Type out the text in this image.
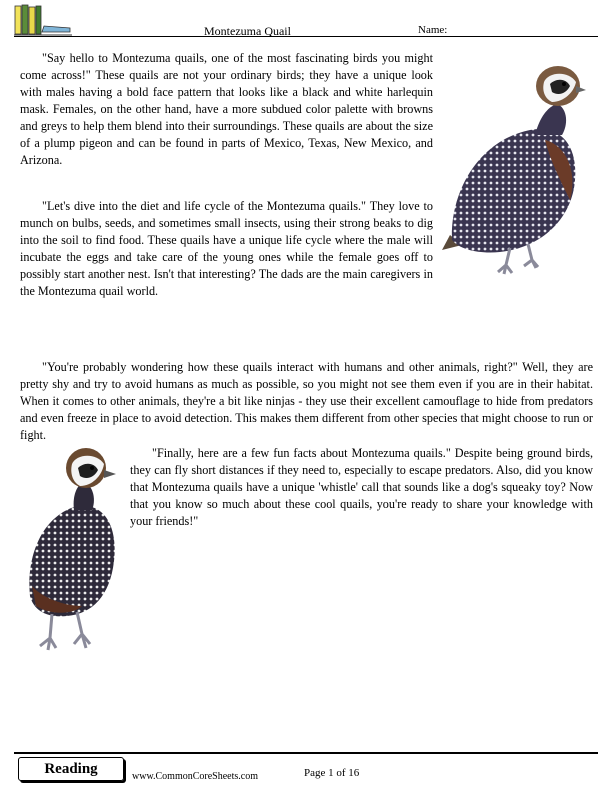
Montezuma Quail	Name:

"Say hello to Montezuma quails, one of the most fascinating birds you might come across!" These quails are not your ordinary birds; they have a unique look with males having a bold face pattern that looks like a black and white harlequin mask. Females, on the other hand, have a more subdued color palette with browns and greys to help them blend into their surroundings. These quails are about the size of a plump pigeon and can be found in parts of Mexico, Texas, New Mexico, and Arizona.

"Let's dive into the diet and life cycle of the Montezuma quails." They love to munch on bulbs, seeds, and sometimes small insects, using their strong beaks to dig into the soil to find food. These quails have a unique life cycle where the male will incubate the eggs and take care of the young ones while the female goes off to possibly start another nest. Isn't that interesting? The dads are the main caregivers in the Montezuma quail world.

"You're probably wondering how these quails interact with humans and other animals, right?" Well, they are pretty shy and try to avoid humans as much as possible, so you might not see them even if you are in their habitat. When it comes to other animals, they're a bit like ninjas - they use their excellent camouflage to hide from predators and even freeze in place to avoid detection. This makes them different from other species that might choose to run or fight.

"Finally, here are a few fun facts about Montezuma quails." Despite being ground birds, they can fly short distances if they need to, especially to escape predators. Also, did you know that Montezuma quails have a unique 'whistle' call that sounds like a dog's squeaky toy? Now that you know so much about these cool quails, you're ready to share your knowledge with your friends!"

Reading	www.CommonCoreSheets.com	Page 1 of 16
